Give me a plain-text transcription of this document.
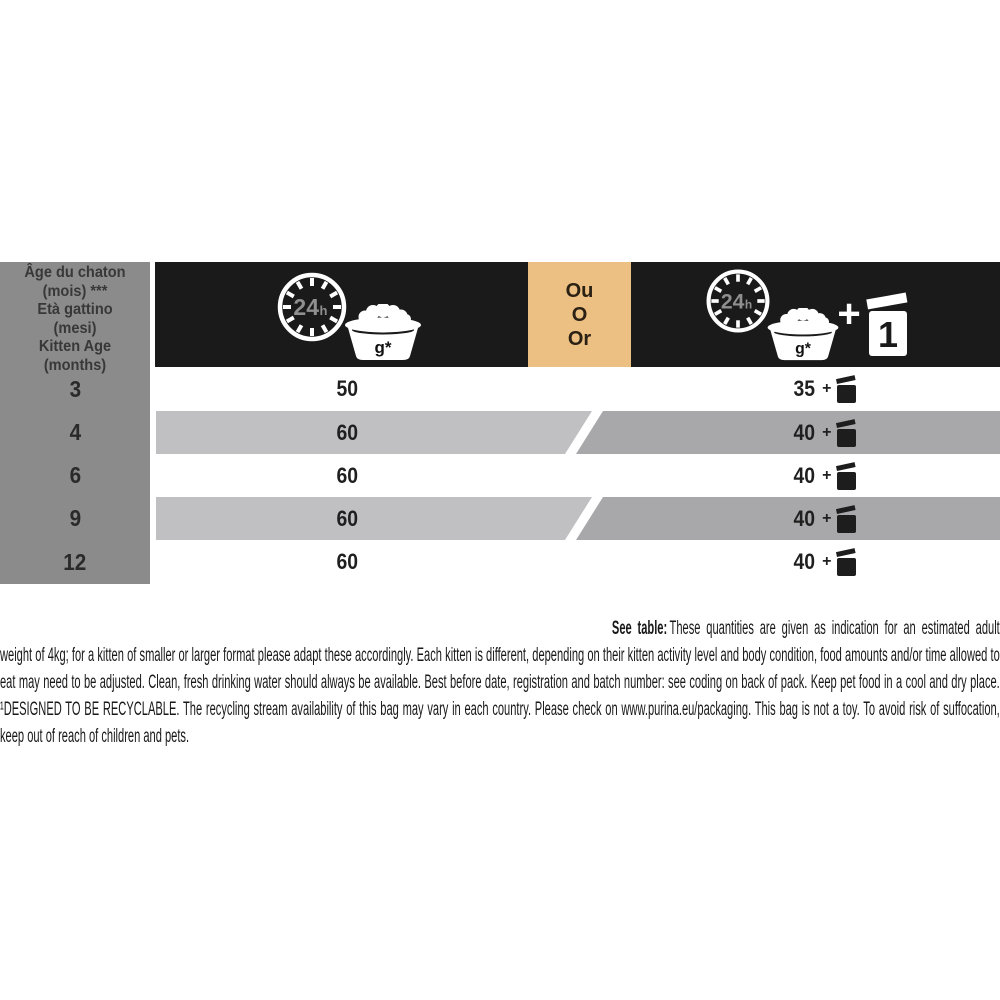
Âge du chaton
(mois) ***
Età gattino
(mesi)
Kitten Age
(months)
3
4
6
9
12
24 h
g*
Ou
O
Or
24 h
g*
+ 1
50
60
60
60
60
35 +
40 +
40 +
40 +
40 +

See table: These quantities are given as indication for an estimated adult weight of 4kg; for a kitten of smaller or larger format please adapt these accordingly. Each kitten is different, depending on their kitten activity level and body condition, food amounts and/or time allowed to eat may need to be adjusted. Clean, fresh drinking water should always be available. Best before date, registration and batch number: see coding on back of pack. Keep pet food in a cool and dry place. ¹DESIGNED TO BE RECYCLABLE. The recycling stream availability of this bag may vary in each country. Please check on www.purina.eu/packaging. This bag is not a toy. To avoid risk of suffocation, keep out of reach of children and pets.
